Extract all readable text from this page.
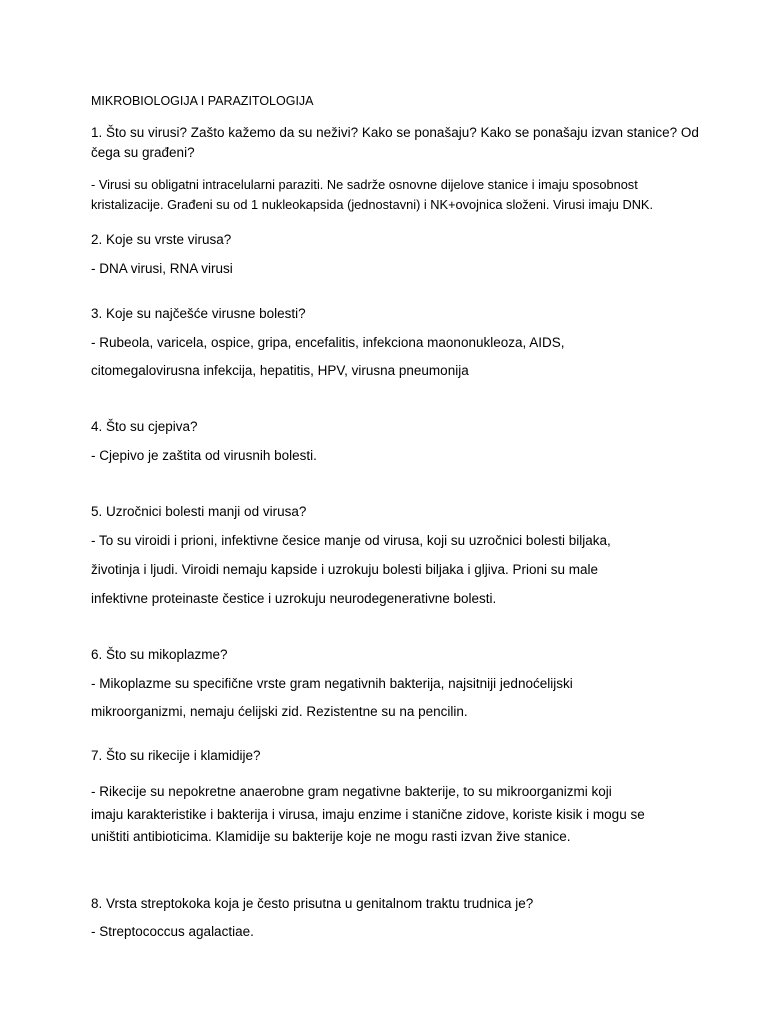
MIKROBIOLOGIJA I PARAZITOLOGIJA
1. Što su virusi? Zašto kažemo da su neživi? Kako se ponašaju? Kako se ponašaju izvan stanice? Od
čega su građeni?
- Virusi su obligatni intracelularni paraziti. Ne sadrže osnovne dijelove stanice i imaju sposobnost
kristalizacije. Građeni su od 1 nukleokapsida (jednostavni) i NK+ovojnica složeni. Virusi imaju DNK.
2. Koje su vrste virusa?
- DNA virusi, RNA virusi
3. Koje su najčešće virusne bolesti?
- Rubeola, varicela, ospice, gripa, encefalitis, infekciona maononukleoza, AIDS,
citomegalovirusna infekcija, hepatitis, HPV, virusna pneumonija
4. Što su cjepiva?
- Cjepivo je zaštita od virusnih bolesti.
5. Uzročnici bolesti manji od virusa?
- To su viroidi i prioni, infektivne česice manje od virusa, koji su uzročnici bolesti biljaka,
životinja i ljudi. Viroidi nemaju kapside i uzrokuju bolesti biljaka i gljiva. Prioni su male
infektivne proteinaste čestice i uzrokuju neurodegenerativne bolesti.
6. Što su mikoplazme?
- Mikoplazme su specifične vrste gram negativnih bakterija, najsitniji jednoćelijski
mikroorganizmi, nemaju ćelijski zid. Rezistentne su na pencilin.
7. Što su rikecije i klamidije?
- Rikecije su nepokretne anaerobne gram negativne bakterije, to su mikroorganizmi koji
imaju karakteristike i bakterija i virusa, imaju enzime i stanične zidove, koriste kisik i mogu se
uništiti antibioticima. Klamidije su bakterije koje ne mogu rasti izvan žive stanice.
8. Vrsta streptokoka koja je često prisutna u genitalnom traktu trudnica je?
- Streptococcus agalactiae.
